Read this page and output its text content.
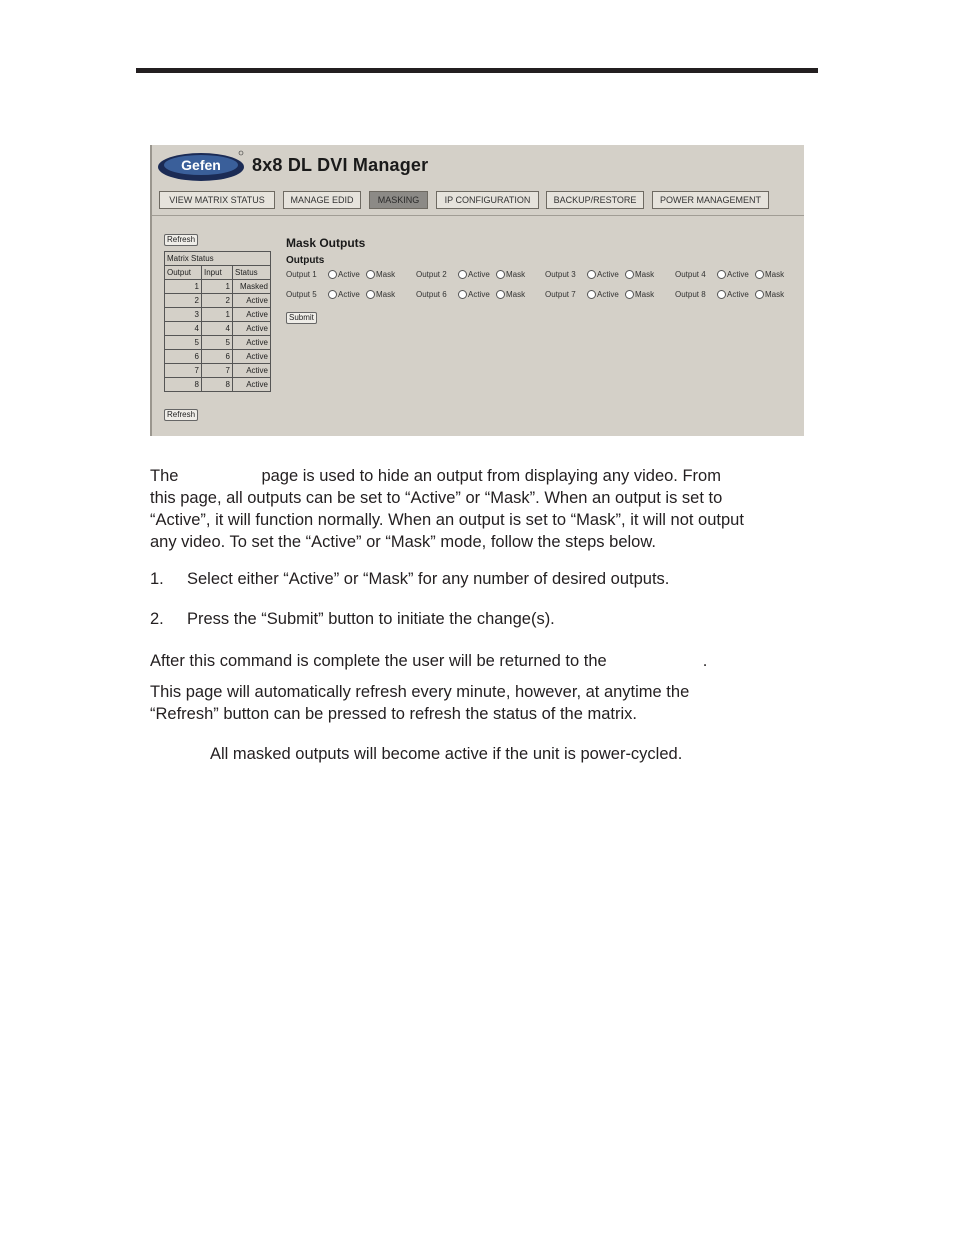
Gefen 8x8 DL DVI Manager
VIEW MATRIX STATUS	MANAGE EDID	MASKING	IP CONFIGURATION	BACKUP/RESTORE	POWER MANAGEMENT
Refresh
Matrix Status		
Output	Input	Status
1	1	Masked
2	2	Active
3	1	Active
4	4	Active
5	5	Active
6	6	Active
7	7	Active
8	8	Active
Refresh
Mask Outputs
Outputs
Output 1	Active Mask	Output 2	Active Mask Output 3	Active Mask	Output 4	Active Mask
Output 5	Active Mask	Output 6	Active Mask Output 7	Active Mask	Output 8	Active Mask
Submit
The	page is used to hide an output from displaying any video. From
this page, all outputs can be set to “Active” or “Mask”. When an output is set to
“Active”, it will function normally. When an output is set to “Mask”, it will not output
any video. To set the “Active” or “Mask” mode, follow the steps below.
1. Select either “Active” or “Mask” for any number of desired outputs.
2. Press the “Submit” button to initiate the change(s).
After this command is complete the user will be returned to the	.
This page will automatically refresh every minute, however, at anytime the
“Refresh” button can be pressed to refresh the status of the matrix.
All masked outputs will become active if the unit is power-cycled.
